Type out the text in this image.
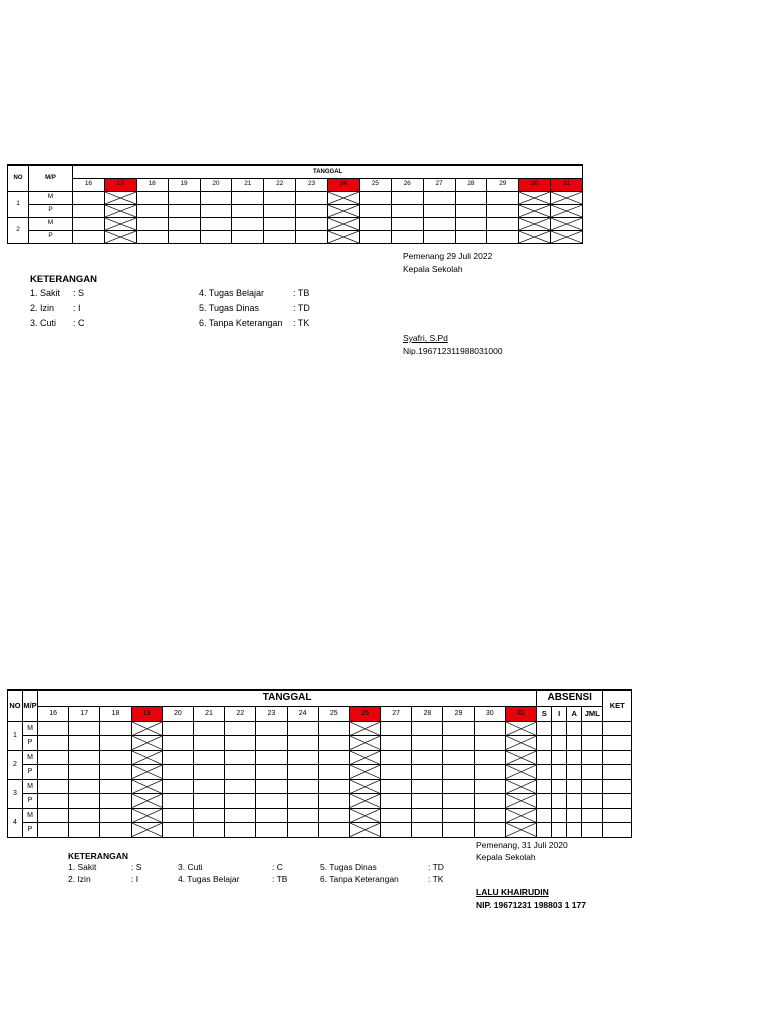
NO	M/P	TANGGAL															
		16	17	18	19	20	21	22	23	24	25	26	27	28	29	30	31
1	M		

	P		

2	M		

	P		

KETERANGAN
1. Sakit : S
2. Izin : I
3. Cuti : C
4. Tugas Belajar	: TB
5. Tugas Dinas	: TD
6. Tanpa Keterangan : TK
Pemenang 29 Juli 2022
Kepala Sekolah
Syafri, S.Pd
Nip.196712311988031000
NO	M/P	TANGGAL																ABSENSI				KET
		16	17	18	19	20	21	22	23	24	25	26	27	28	29	30	31	S	I	A	JML	
1	M				

	P				

2	M				

	P				

3	M				

	P				

4	M				

	P				

Pemenang, 31 Juli 2020
Kepala Sekolah
KETERANGAN
1. Sakit	: S	3. Cuti	: C	5. Tugas Dinas	: TD
2. Izin	: I	4. Tugas Belajar	: TB	6. Tanpa Keterangan	: TK
LALU KHAIRUDIN
NIP. 19671231 198803 1 177
